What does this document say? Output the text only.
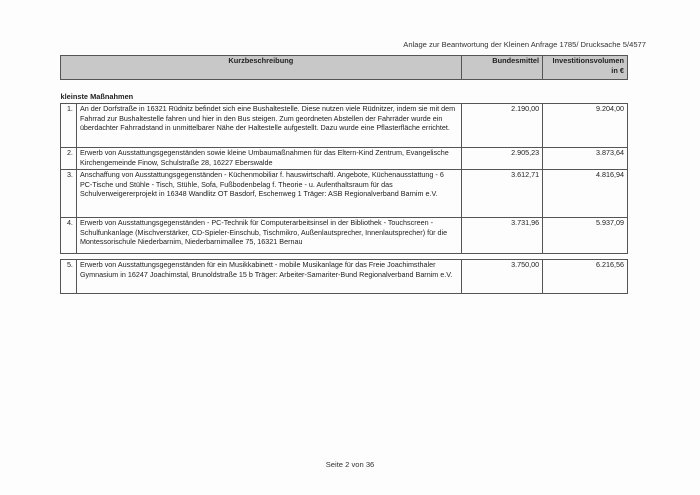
Anlage zur Beantwortung der Kleinen Anfrage 1785/ Drucksache 5/4577
Kurzbeschreibung		Bundesmittel	Investitionsvolumen in €

kleinste Maßnahmen			
1.	An der Dorfstraße in 16321 Rüdnitz befindet sich eine Bushaltestelle. Diese nutzen viele Rüdnitzer, indem sie mit dem Fahrrad zur Bushaltestelle fahren und hier in den Bus steigen. Zum geordneten Abstellen der Fahrräder wurde ein überdachter Fahrradstand in unmittelbarer Nähe der Haltestelle aufgestellt. Dazu wurde eine Pflasterfläche errichtet.	2.190,00	9.204,00
2.	Erwerb von Ausstattungsgegenständen sowie kleine Umbaumaßnahmen für das Eltern-Kind Zentrum, Evangelische Kirchengemeinde Finow, Schulstraße 28, 16227 Eberswalde	2.905,23	3.873,64
3.	Anschaffung von Ausstattungsgegenständen - Küchenmobiliar f. hauswirtschaftl. Angebote, Küchenausstattung - 6 PC-Tische und Stühle - Tisch, Stühle, Sofa, Fußbodenbelag f. Theorie - u. Aufenthaltsraum für das Schulverweigererprojekt in 16348 Wandlitz OT Basdorf, Eschenweg 1 Träger: ASB Regionalverband Barnim e.V.	3.612,71	4.816,94
4.	Erwerb von Ausstattungsgegenständen - PC-Technik für Computerarbeitsinsel in der Bibliothek - Touchscreen - Schulfunkanlage (Mischverstärker, CD-Spieler-Einschub, Tischmikro, Außenlautsprecher, Innenlautsprecher) für die Montessorischule Niederbarnim, Niederbarnimallee 75, 16321 Bernau	3.731,96	5.937,09

5.	Erwerb von Ausstattungsgegenständen für ein Musikkabinett - mobile Musikanlage für das Freie Joachimsthaler Gymnasium in 16247 Joachimstal, Brunoldstraße 15 b Träger: Arbeiter-Samariter-Bund Regionalverband Barnim e.V.	3.750,00	6.216,56
Seite 2 von 36
